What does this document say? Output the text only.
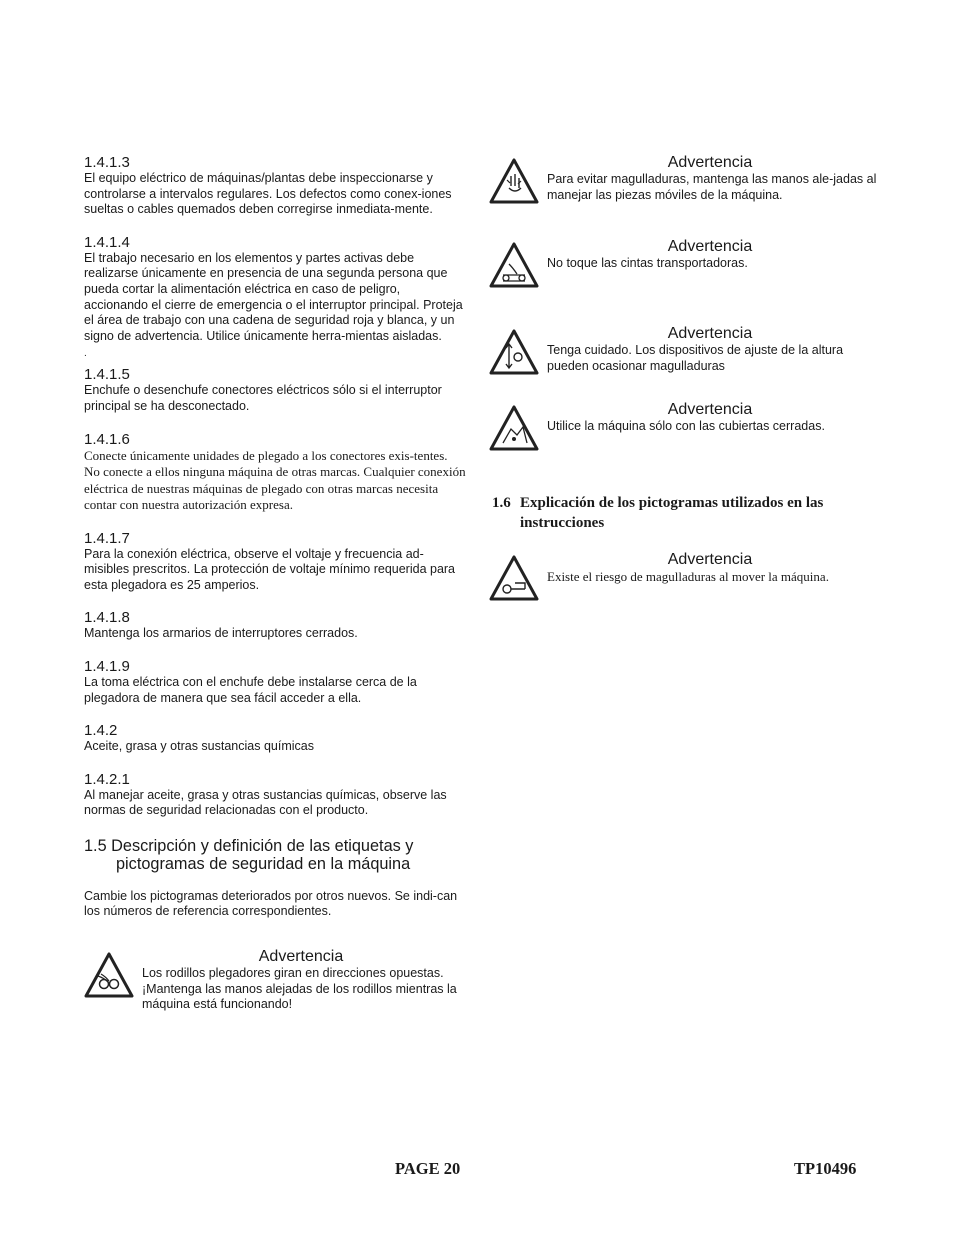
1.4.1.3
El equipo eléctrico de máquinas/plantas debe inspeccionarse y controlarse a intervalos regulares. Los defectos como conex-iones sueltas o cables quemados deben corregirse inmediata-mente.
1.4.1.4
El trabajo necesario en los elementos y partes activas debe realizarse únicamente en presencia de una segunda persona que pueda cortar la alimentación eléctrica en caso de peligro, accionando el cierre de emergencia o el interruptor principal. Proteja el área de trabajo con una cadena de seguridad roja y blanca, y un signo de advertencia. Utilice únicamente herra-mientas aisladas.
.
1.4.1.5
Enchufe o desenchufe conectores eléctricos sólo si el interruptor principal se ha desconectado.
1.4.1.6
Conecte únicamente unidades de plegado a los conectores exis-tentes. No conecte a ellos ninguna máquina de otras marcas. Cualquier conexión eléctrica de nuestras máquinas de plegado con otras marcas necesita contar con nuestra autorización expresa.
1.4.1.7
Para la conexión eléctrica, observe el voltaje y frecuencia ad-misibles prescritos. La protección de voltaje mínimo requerida para esta plegadora es 25 amperios.
1.4.1.8
Mantenga los armarios de interruptores cerrados.
1.4.1.9
La toma eléctrica con el enchufe debe instalarse cerca de la plegadora de manera que sea fácil acceder a ella.
1.4.2
Aceite, grasa y otras sustancias químicas
1.4.2.1
Al manejar aceite, grasa y otras sustancias químicas, observe las normas de seguridad relacionadas con el producto.
1.5 Descripción y definición de las etiquetas y
pictogramas de seguridad en la máquina
Cambie los pictogramas deteriorados por otros nuevos. Se indi-can los números de referencia correspondientes.
Advertencia
Los rodillos plegadores giran en direcciones opuestas. ¡Mantenga las manos alejadas de los rodillos mientras la máquina está funcionando!
Advertencia
Para evitar magulladuras, mantenga las manos ale-jadas al manejar las piezas móviles de la máquina.
Advertencia
No toque las cintas transportadoras.
Advertencia
Tenga cuidado. Los dispositivos de ajuste de la altura pueden ocasionar magulladuras
Advertencia
Utilice la máquina sólo con las cubiertas cerradas.
1.6 Explicación de los pictogramas utilizados en las instrucciones
Advertencia
Existe el riesgo de magulladuras al mover la máquina.
PAGE 20	TP10496
